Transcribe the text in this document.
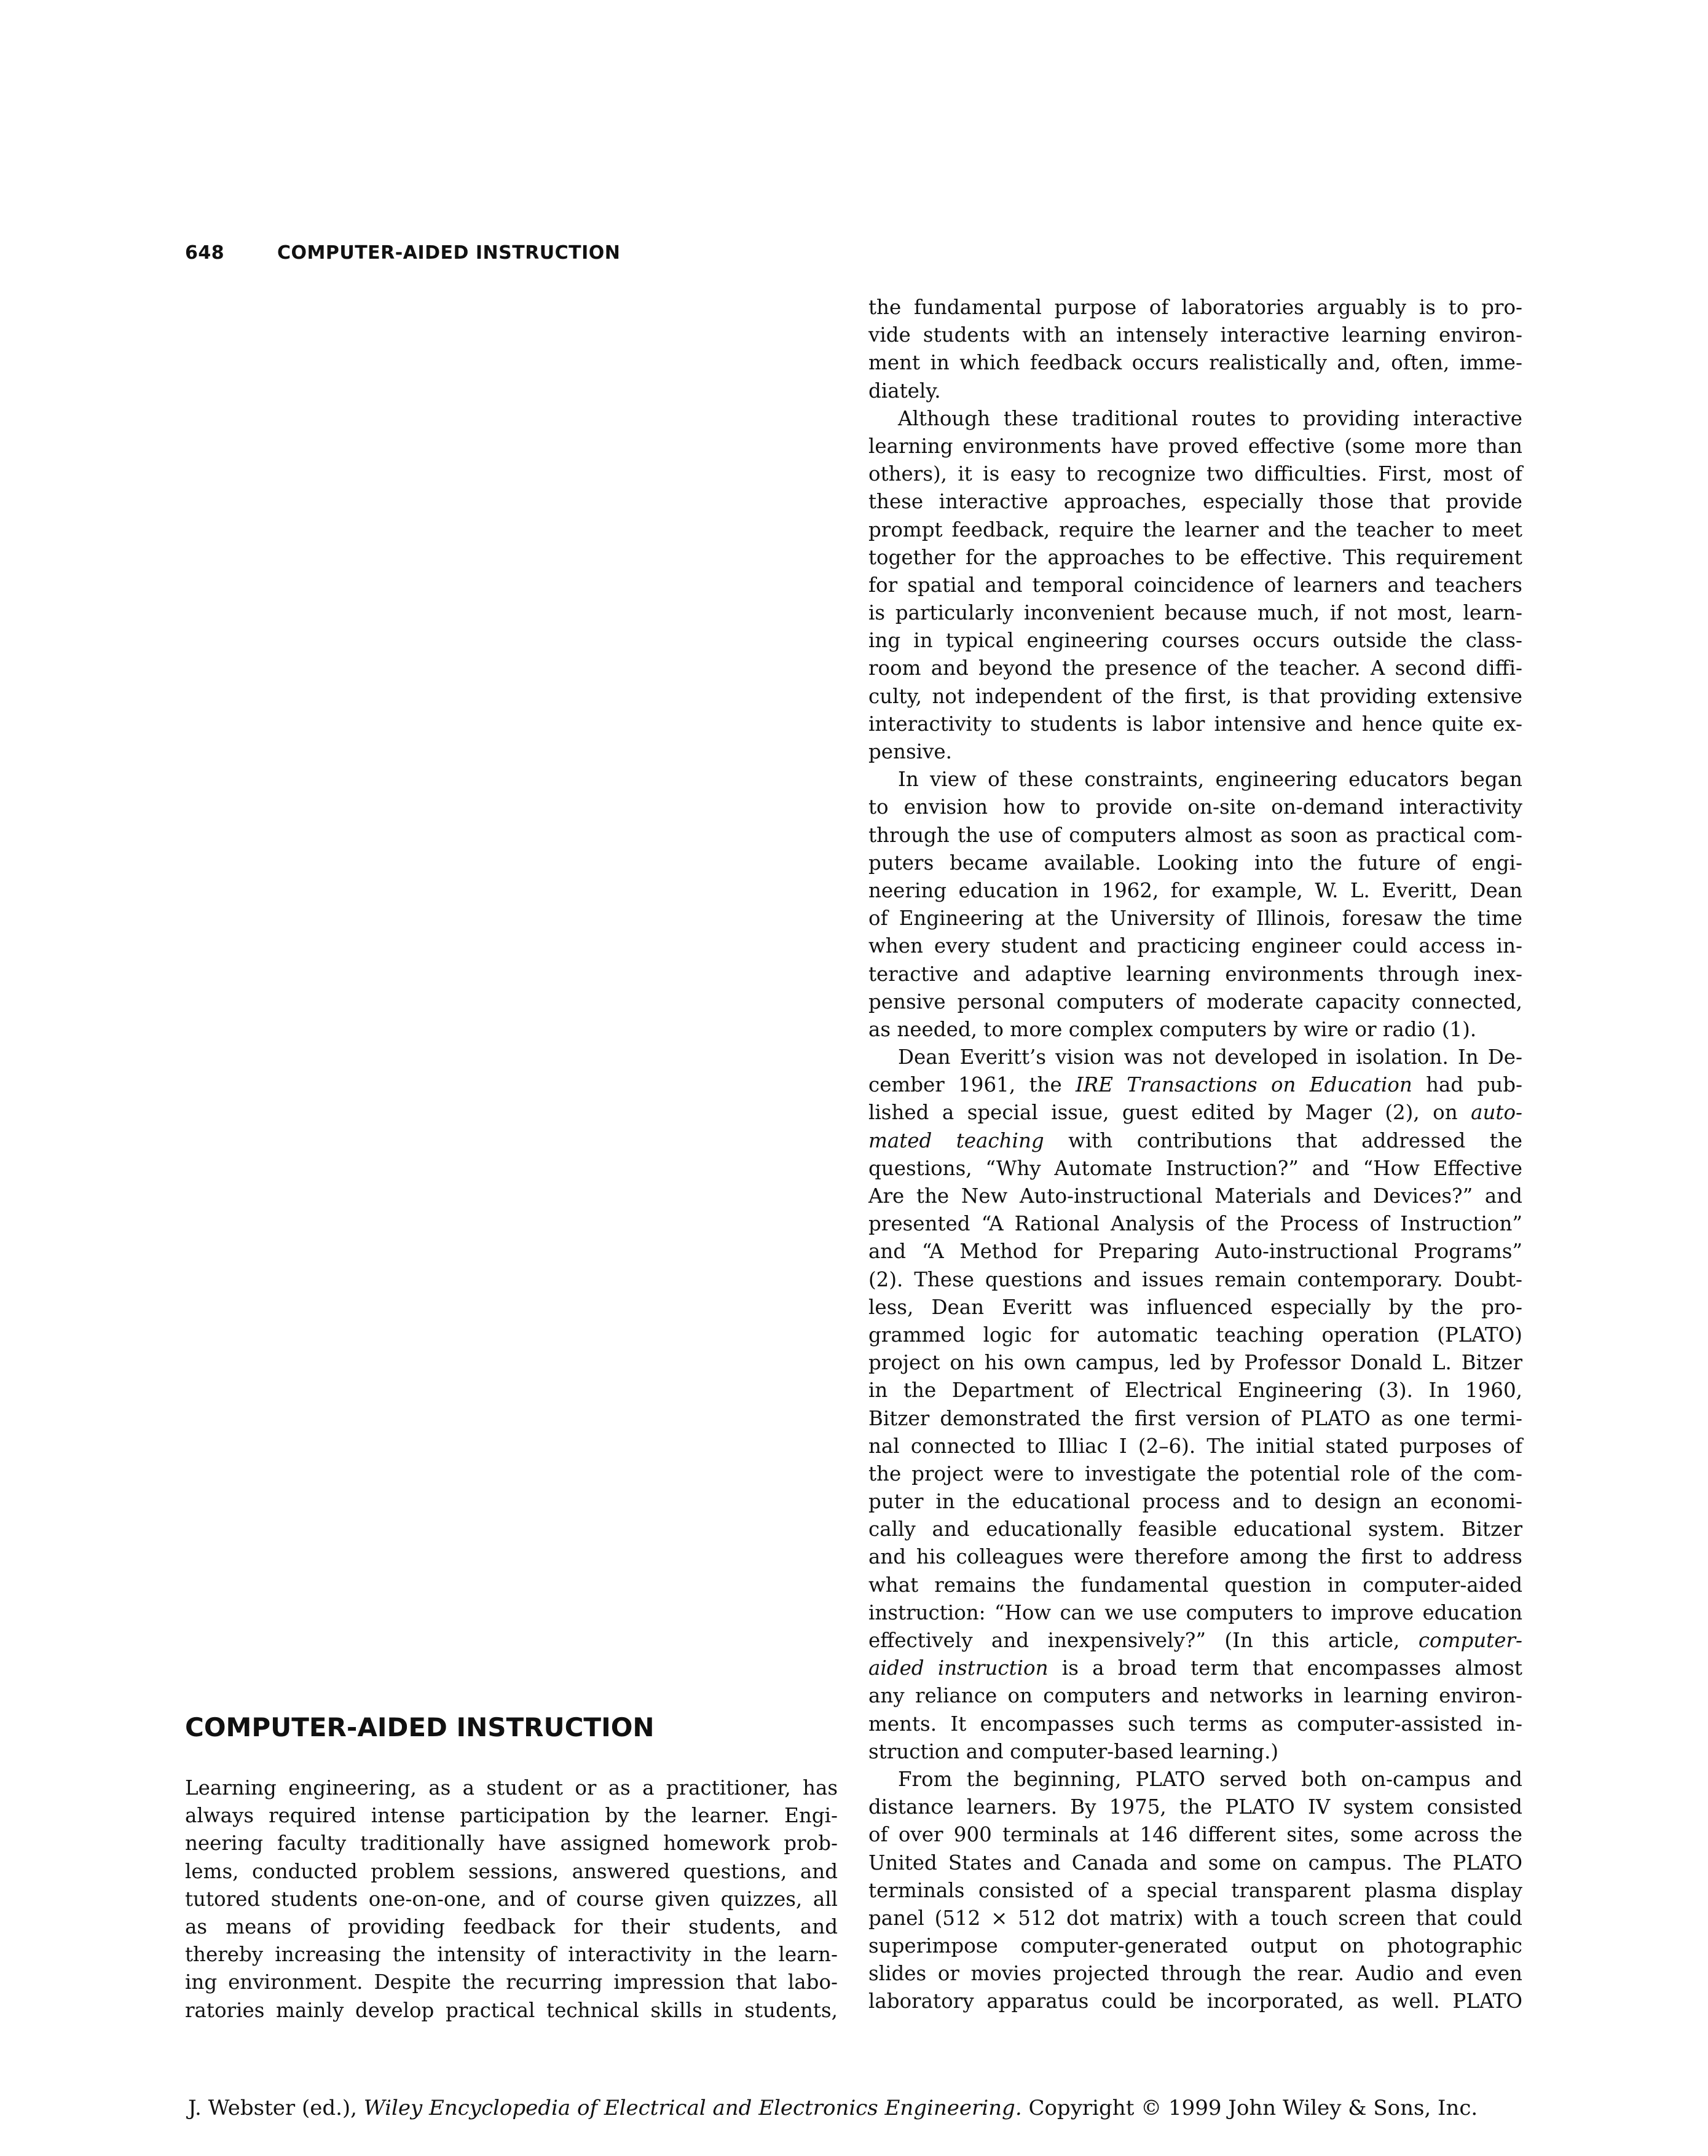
648	COMPUTER-AIDED INSTRUCTION
COMPUTER-AIDED INSTRUCTION
Learning engineering, as a student or as a practitioner, has
always required intense participation by the learner. Engi-
neering faculty traditionally have assigned homework prob-
lems, conducted problem sessions, answered questions, and
tutored students one-on-one, and of course given quizzes, all
as means of providing feedback for their students, and
thereby increasing the intensity of interactivity in the learn-
ing environment. Despite the recurring impression that labo-
ratories mainly develop practical technical skills in students,
the fundamental purpose of laboratories arguably is to pro-
vide students with an intensely interactive learning environ-
ment in which feedback occurs realistically and, often, imme-
diately.
Although these traditional routes to providing interactive
learning environments have proved effective (some more than
others), it is easy to recognize two difficulties. First, most of
these interactive approaches, especially those that provide
prompt feedback, require the learner and the teacher to meet
together for the approaches to be effective. This requirement
for spatial and temporal coincidence of learners and teachers
is particularly inconvenient because much, if not most, learn-
ing in typical engineering courses occurs outside the class-
room and beyond the presence of the teacher. A second diffi-
culty, not independent of the first, is that providing extensive
interactivity to students is labor intensive and hence quite ex-
pensive.
In view of these constraints, engineering educators began
to envision how to provide on-site on-demand interactivity
through the use of computers almost as soon as practical com-
puters became available. Looking into the future of engi-
neering education in 1962, for example, W. L. Everitt, Dean
of Engineering at the University of Illinois, foresaw the time
when every student and practicing engineer could access in-
teractive and adaptive learning environments through inex-
pensive personal computers of moderate capacity connected,
as needed, to more complex computers by wire or radio (1).
Dean Everitt’s vision was not developed in isolation. In De-
cember 1961, the IRE Transactions on Education had pub-
lished a special issue, guest edited by Mager (2), on auto-
mated teaching with contributions that addressed the
questions, “Why Automate Instruction?” and “How Effective
Are the New Auto-instructional Materials and Devices?” and
presented “A Rational Analysis of the Process of Instruction”
and “A Method for Preparing Auto-instructional Programs”
(2). These questions and issues remain contemporary. Doubt-
less, Dean Everitt was influenced especially by the pro-
grammed logic for automatic teaching operation (PLATO)
project on his own campus, led by Professor Donald L. Bitzer
in the Department of Electrical Engineering (3). In 1960,
Bitzer demonstrated the first version of PLATO as one termi-
nal connected to Illiac I (2–6). The initial stated purposes of
the project were to investigate the potential role of the com-
puter in the educational process and to design an economi-
cally and educationally feasible educational system. Bitzer
and his colleagues were therefore among the first to address
what remains the fundamental question in computer-aided
instruction: “How can we use computers to improve education
effectively and inexpensively?” (In this article, computer-
aided instruction is a broad term that encompasses almost
any reliance on computers and networks in learning environ-
ments. It encompasses such terms as computer-assisted in-
struction and computer-based learning.)
From the beginning, PLATO served both on-campus and
distance learners. By 1975, the PLATO IV system consisted
of over 900 terminals at 146 different sites, some across the
United States and Canada and some on campus. The PLATO
terminals consisted of a special transparent plasma display
panel (512 × 512 dot matrix) with a touch screen that could
superimpose computer-generated output on photographic
slides or movies projected through the rear. Audio and even
laboratory apparatus could be incorporated, as well. PLATO
J. Webster (ed.), Wiley Encyclopedia of Electrical and Electronics Engineering. Copyright © 1999 John Wiley & Sons, Inc.
